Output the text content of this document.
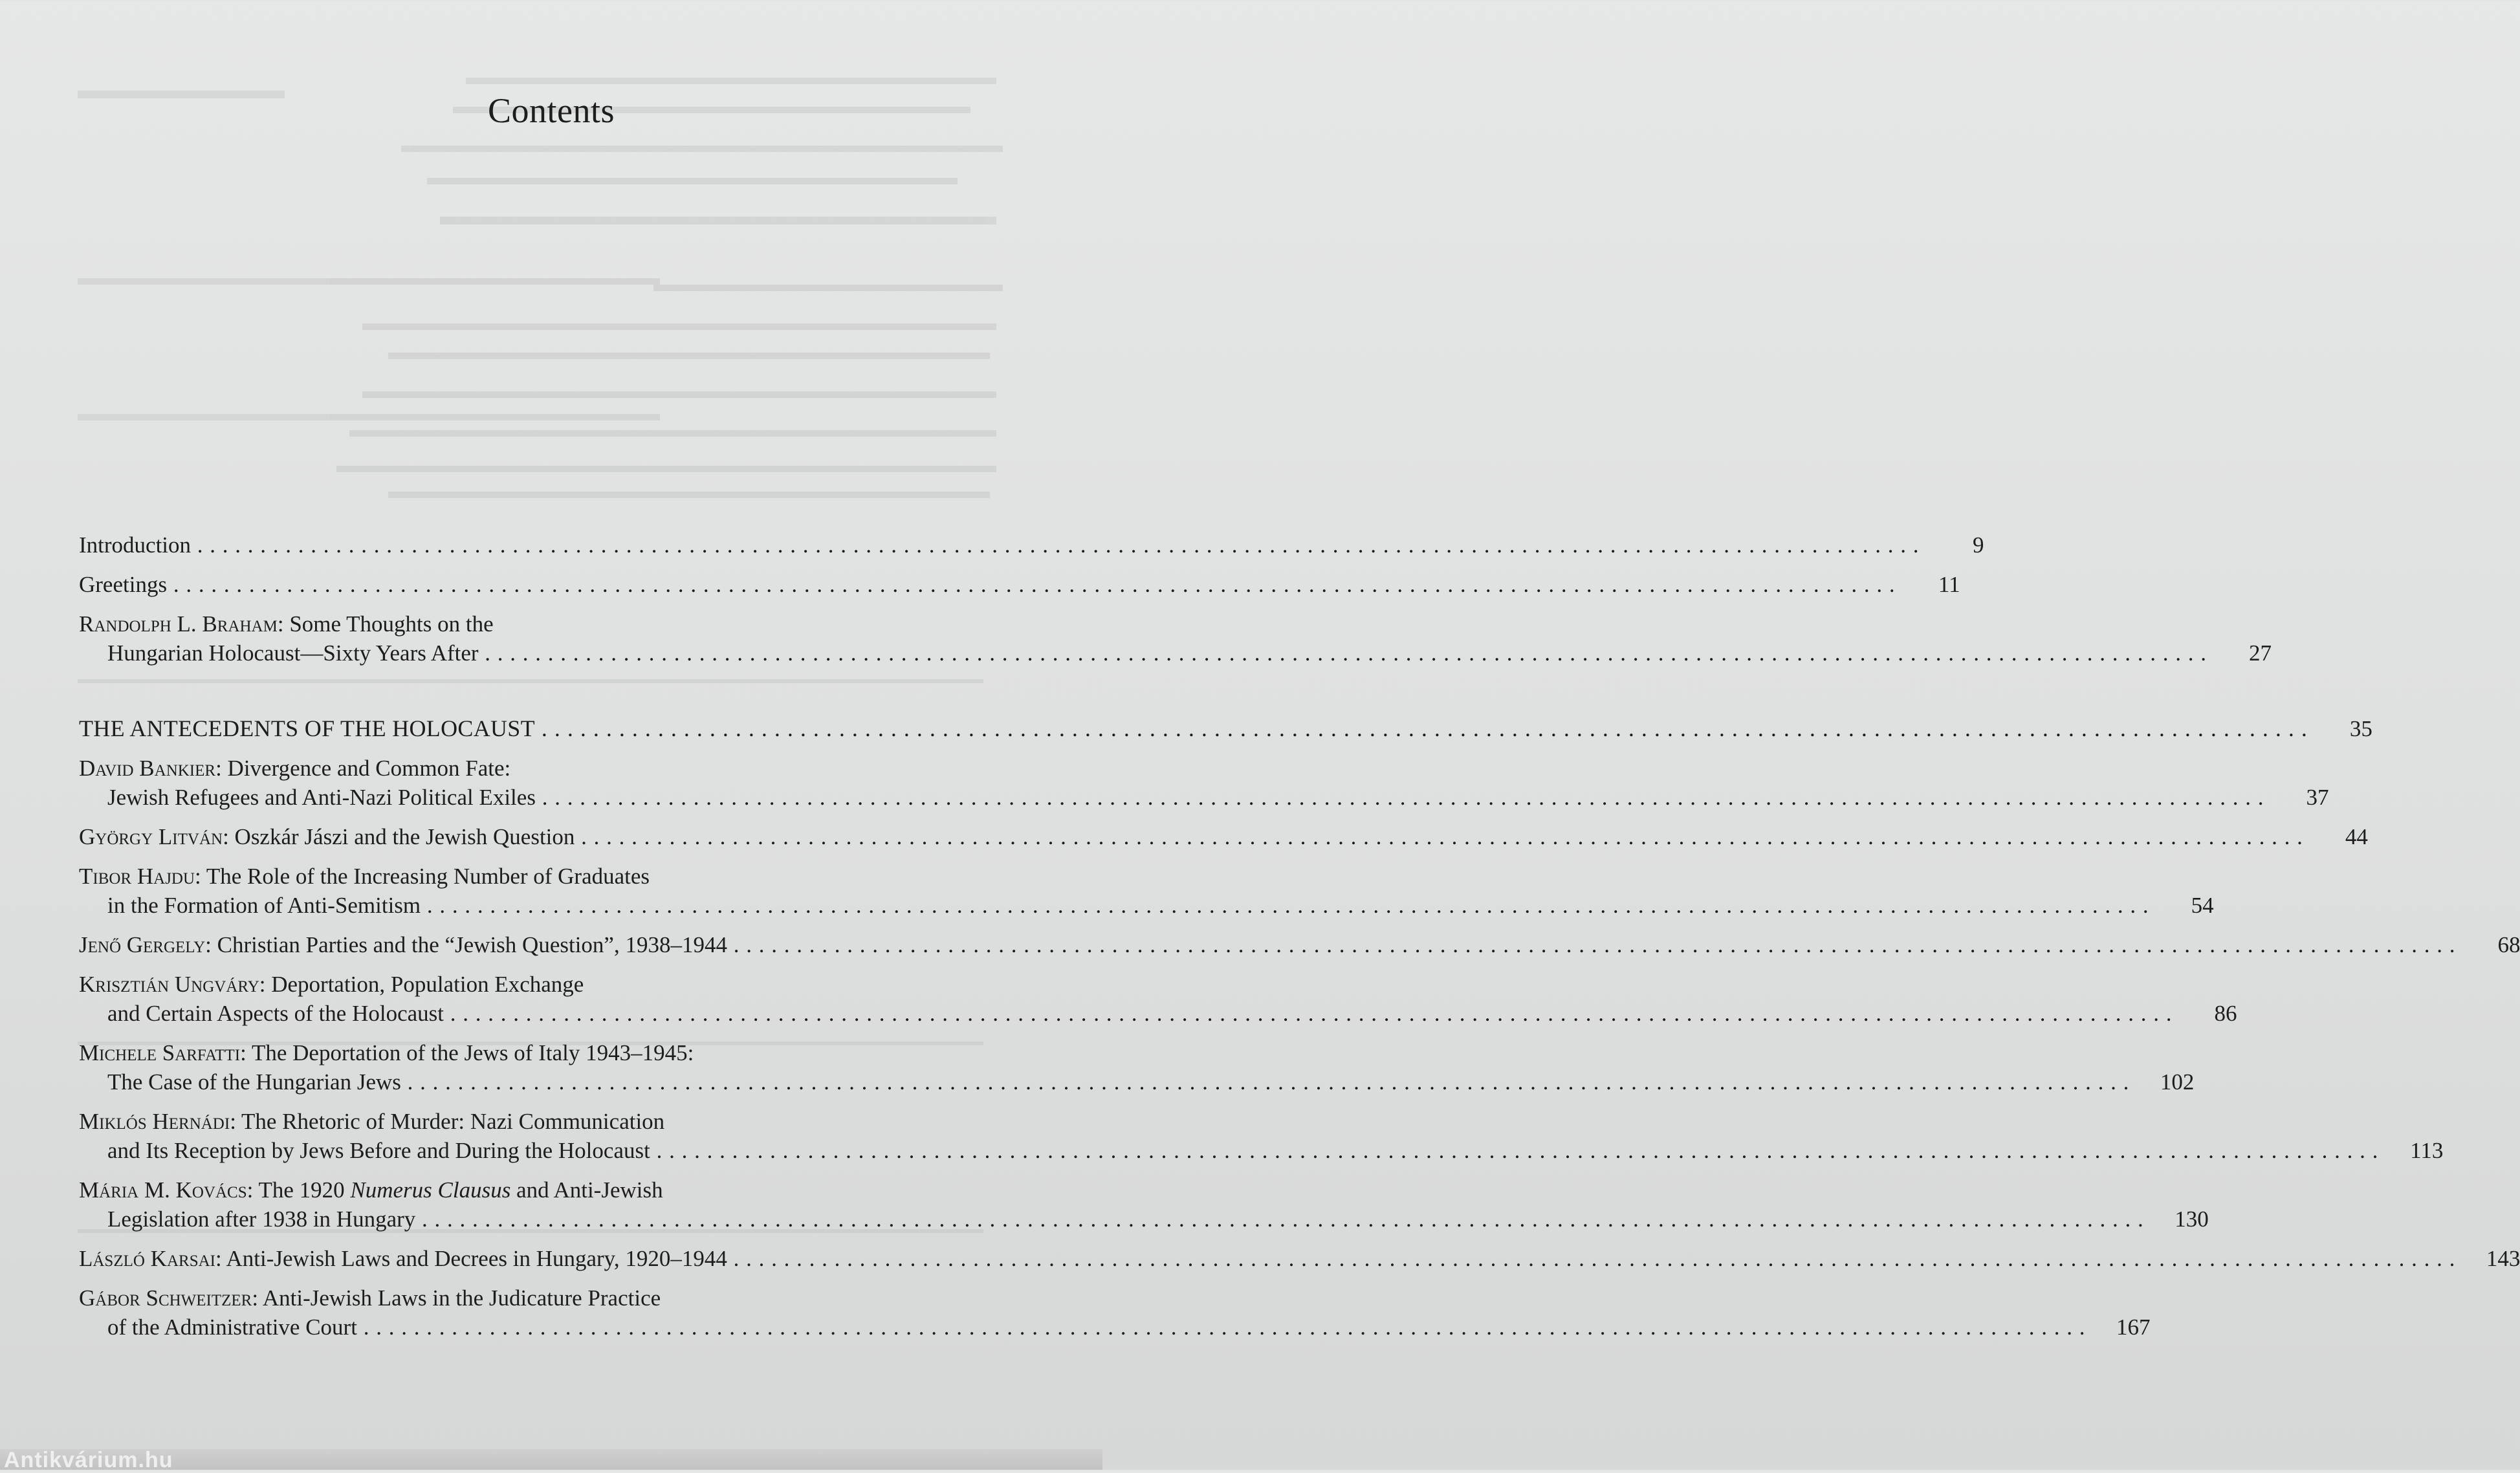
Contents
Introduction . . .	9
Greetings . . .	11
Randolph L. Braham: Some Thoughts on the
Hungarian Holocaust—Sixty Years After . . .	27
THE ANTECEDENTS OF THE HOLOCAUST . . .	35
David Bankier: Divergence and Common Fate:
Jewish Refugees and Anti-Nazi Political Exiles . . .	37
György Litván: Oszkár Jászi and the Jewish Question . . .	44
Tibor Hajdu: The Role of the Increasing Number of Graduates
in the Formation of Anti-Semitism . . .	54
Jenő Gergely: Christian Parties and the “Jewish Question”, 1938–1944 . . .	68
Krisztián Ungváry: Deportation, Population Exchange
and Certain Aspects of the Holocaust . . .	86
Michele Sarfatti: The Deportation of the Jews of Italy 1943–1945:
The Case of the Hungarian Jews . . .	102
Miklós Hernádi: The Rhetoric of Murder: Nazi Communication
and Its Reception by Jews Before and During the Holocaust . . .	113
Mária M. Kovács: The 1920 Numerus Clausus and Anti-Jewish
Legislation after 1938 in Hungary . . .	130
László Karsai: Anti-Jewish Laws and Decrees in Hungary, 1920–1944 . . .	143
Gábor Schweitzer: Anti-Jewish Laws in the Judicature Practice
of the Administrative Court . . .	167
Antikvárium.hu
